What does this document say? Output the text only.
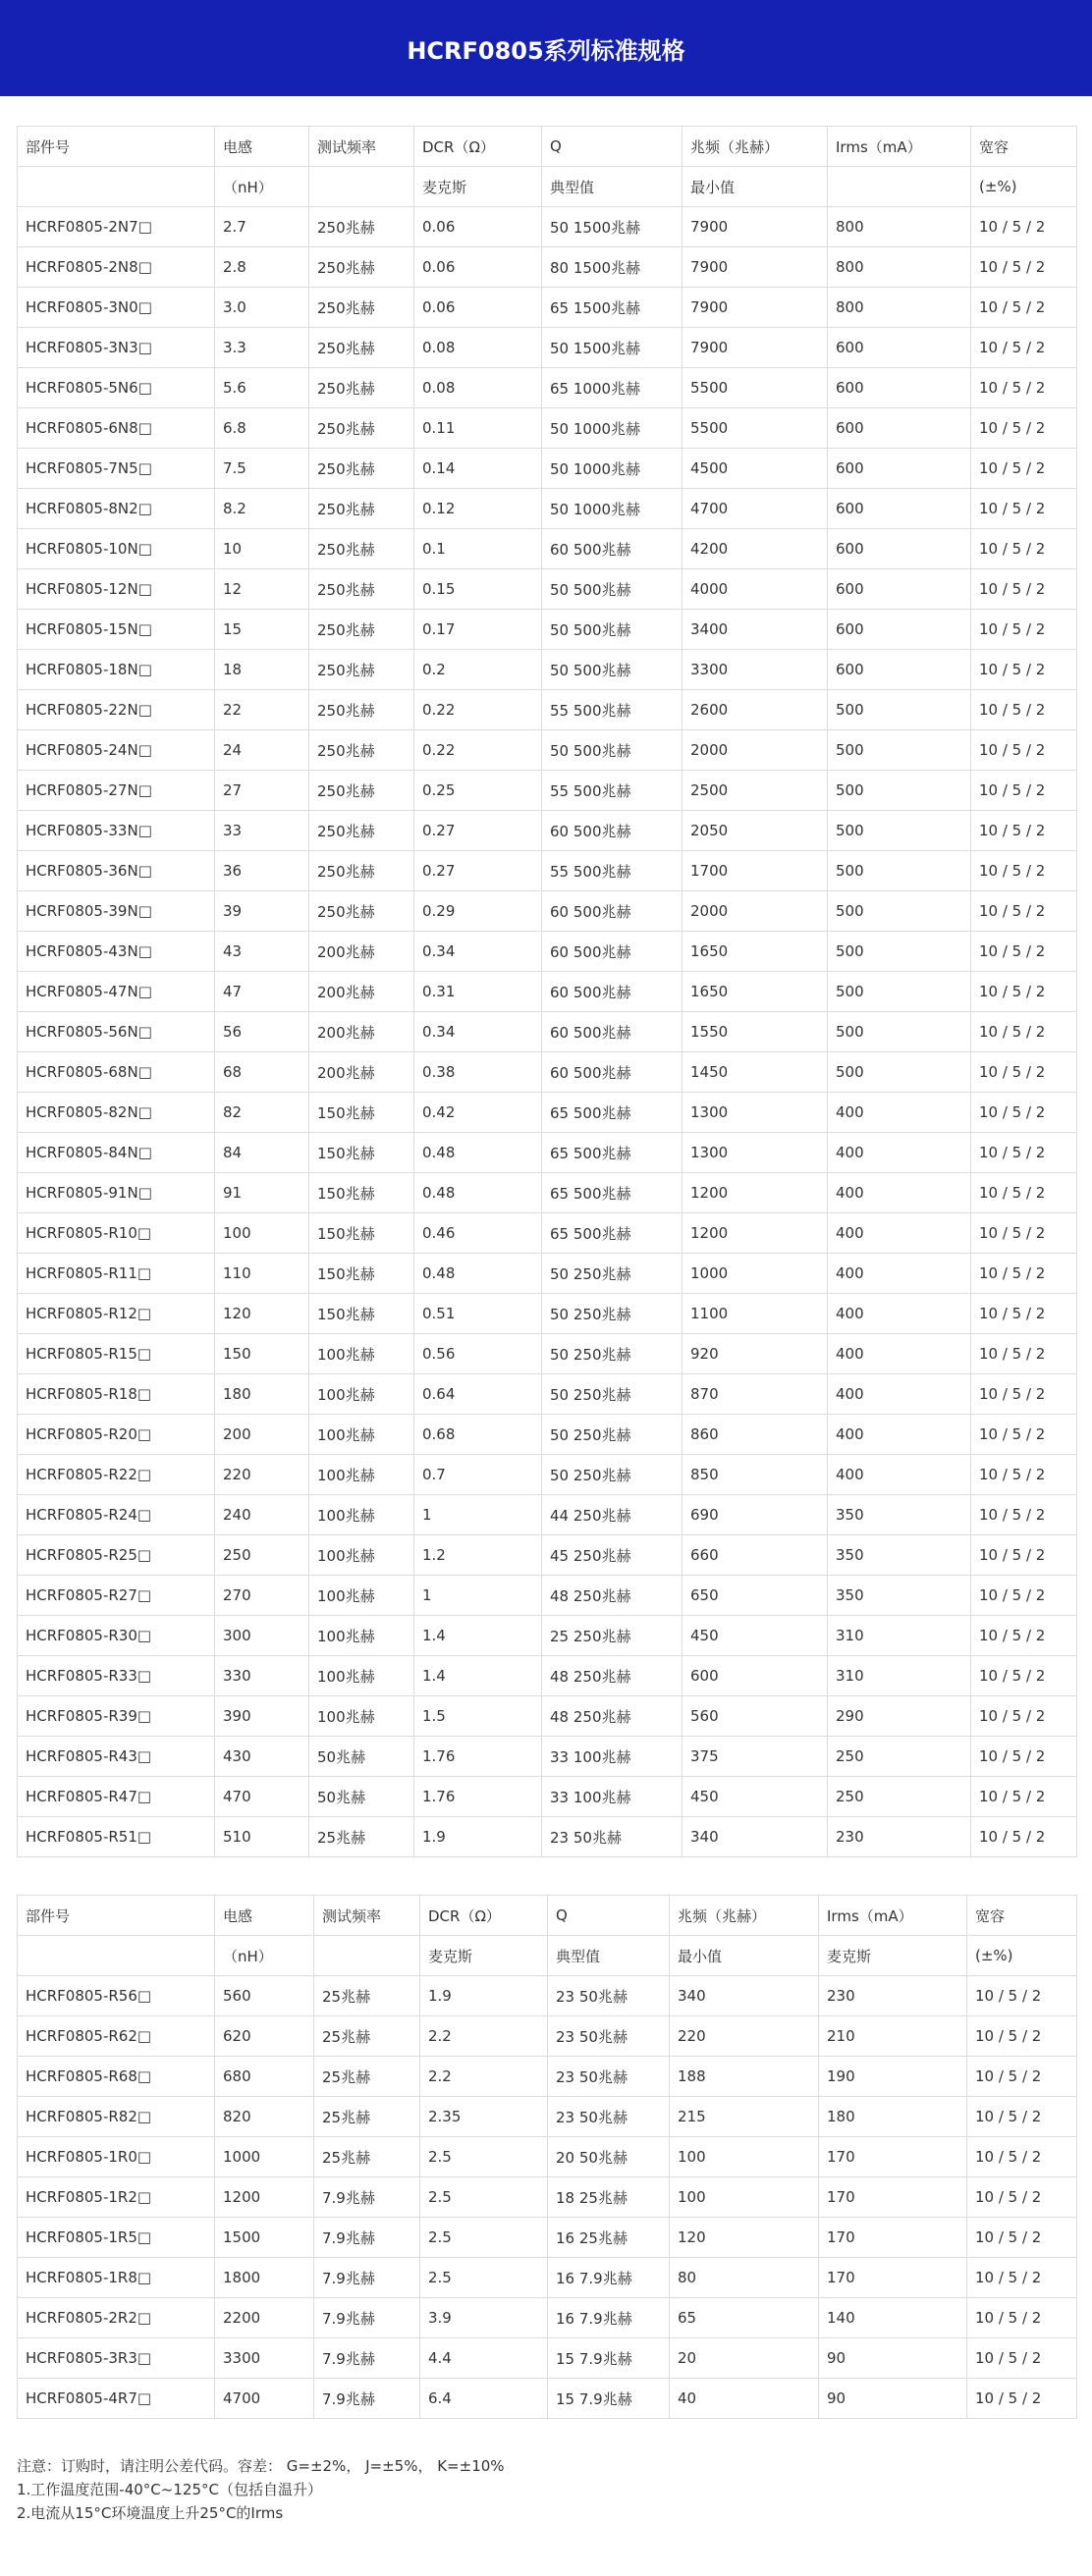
HCRF0805系列标准规格
部件号	电感	测试频率	DCR（Ω）	Q	兆频（兆赫）	Irms（mA）	宽容
	（nH）		麦克斯	典型值	最小值		(±%)
HCRF0805-2N7□	2.7	250兆赫	0.06	50 1500兆赫	7900	800	10 / 5 / 2
HCRF0805-2N8□	2.8	250兆赫	0.06	80 1500兆赫	7900	800	10 / 5 / 2
HCRF0805-3N0□	3.0	250兆赫	0.06	65 1500兆赫	7900	800	10 / 5 / 2
HCRF0805-3N3□	3.3	250兆赫	0.08	50 1500兆赫	7900	600	10 / 5 / 2
HCRF0805-5N6□	5.6	250兆赫	0.08	65 1000兆赫	5500	600	10 / 5 / 2
HCRF0805-6N8□	6.8	250兆赫	0.11	50 1000兆赫	5500	600	10 / 5 / 2
HCRF0805-7N5□	7.5	250兆赫	0.14	50 1000兆赫	4500	600	10 / 5 / 2
HCRF0805-8N2□	8.2	250兆赫	0.12	50 1000兆赫	4700	600	10 / 5 / 2
HCRF0805-10N□	10	250兆赫	0.1	60 500兆赫	4200	600	10 / 5 / 2
HCRF0805-12N□	12	250兆赫	0.15	50 500兆赫	4000	600	10 / 5 / 2
HCRF0805-15N□	15	250兆赫	0.17	50 500兆赫	3400	600	10 / 5 / 2
HCRF0805-18N□	18	250兆赫	0.2	50 500兆赫	3300	600	10 / 5 / 2
HCRF0805-22N□	22	250兆赫	0.22	55 500兆赫	2600	500	10 / 5 / 2
HCRF0805-24N□	24	250兆赫	0.22	50 500兆赫	2000	500	10 / 5 / 2
HCRF0805-27N□	27	250兆赫	0.25	55 500兆赫	2500	500	10 / 5 / 2
HCRF0805-33N□	33	250兆赫	0.27	60 500兆赫	2050	500	10 / 5 / 2
HCRF0805-36N□	36	250兆赫	0.27	55 500兆赫	1700	500	10 / 5 / 2
HCRF0805-39N□	39	250兆赫	0.29	60 500兆赫	2000	500	10 / 5 / 2
HCRF0805-43N□	43	200兆赫	0.34	60 500兆赫	1650	500	10 / 5 / 2
HCRF0805-47N□	47	200兆赫	0.31	60 500兆赫	1650	500	10 / 5 / 2
HCRF0805-56N□	56	200兆赫	0.34	60 500兆赫	1550	500	10 / 5 / 2
HCRF0805-68N□	68	200兆赫	0.38	60 500兆赫	1450	500	10 / 5 / 2
HCRF0805-82N□	82	150兆赫	0.42	65 500兆赫	1300	400	10 / 5 / 2
HCRF0805-84N□	84	150兆赫	0.48	65 500兆赫	1300	400	10 / 5 / 2
HCRF0805-91N□	91	150兆赫	0.48	65 500兆赫	1200	400	10 / 5 / 2
HCRF0805-R10□	100	150兆赫	0.46	65 500兆赫	1200	400	10 / 5 / 2
HCRF0805-R11□	110	150兆赫	0.48	50 250兆赫	1000	400	10 / 5 / 2
HCRF0805-R12□	120	150兆赫	0.51	50 250兆赫	1100	400	10 / 5 / 2
HCRF0805-R15□	150	100兆赫	0.56	50 250兆赫	920	400	10 / 5 / 2
HCRF0805-R18□	180	100兆赫	0.64	50 250兆赫	870	400	10 / 5 / 2
HCRF0805-R20□	200	100兆赫	0.68	50 250兆赫	860	400	10 / 5 / 2
HCRF0805-R22□	220	100兆赫	0.7	50 250兆赫	850	400	10 / 5 / 2
HCRF0805-R24□	240	100兆赫	1	44 250兆赫	690	350	10 / 5 / 2
HCRF0805-R25□	250	100兆赫	1.2	45 250兆赫	660	350	10 / 5 / 2
HCRF0805-R27□	270	100兆赫	1	48 250兆赫	650	350	10 / 5 / 2
HCRF0805-R30□	300	100兆赫	1.4	25 250兆赫	450	310	10 / 5 / 2
HCRF0805-R33□	330	100兆赫	1.4	48 250兆赫	600	310	10 / 5 / 2
HCRF0805-R39□	390	100兆赫	1.5	48 250兆赫	560	290	10 / 5 / 2
HCRF0805-R43□	430	50兆赫	1.76	33 100兆赫	375	250	10 / 5 / 2
HCRF0805-R47□	470	50兆赫	1.76	33 100兆赫	450	250	10 / 5 / 2
HCRF0805-R51□	510	25兆赫	1.9	23 50兆赫	340	230	10 / 5 / 2
部件号	电感	测试频率	DCR（Ω）	Q	兆频（兆赫）	Irms（mA）	宽容
	（nH）		麦克斯	典型值	最小值	麦克斯	(±%)
HCRF0805-R56□	560	25兆赫	1.9	23 50兆赫	340	230	10 / 5 / 2
HCRF0805-R62□	620	25兆赫	2.2	23 50兆赫	220	210	10 / 5 / 2
HCRF0805-R68□	680	25兆赫	2.2	23 50兆赫	188	190	10 / 5 / 2
HCRF0805-R82□	820	25兆赫	2.35	23 50兆赫	215	180	10 / 5 / 2
HCRF0805-1R0□	1000	25兆赫	2.5	20 50兆赫	100	170	10 / 5 / 2
HCRF0805-1R2□	1200	7.9兆赫	2.5	18 25兆赫	100	170	10 / 5 / 2
HCRF0805-1R5□	1500	7.9兆赫	2.5	16 25兆赫	120	170	10 / 5 / 2
HCRF0805-1R8□	1800	7.9兆赫	2.5	16 7.9兆赫	80	170	10 / 5 / 2
HCRF0805-2R2□	2200	7.9兆赫	3.9	16 7.9兆赫	65	140	10 / 5 / 2
HCRF0805-3R3□	3300	7.9兆赫	4.4	15 7.9兆赫	20	90	10 / 5 / 2
HCRF0805-4R7□	4700	7.9兆赫	6.4	15 7.9兆赫	40	90	10 / 5 / 2
注意：订购时，请注明公差代码。容差： G=±2%， J=±5%， K=±10%
1.工作温度范围-40°C~125°C（包括自温升）
2.电流从15°C环境温度上升25°C的Irms
